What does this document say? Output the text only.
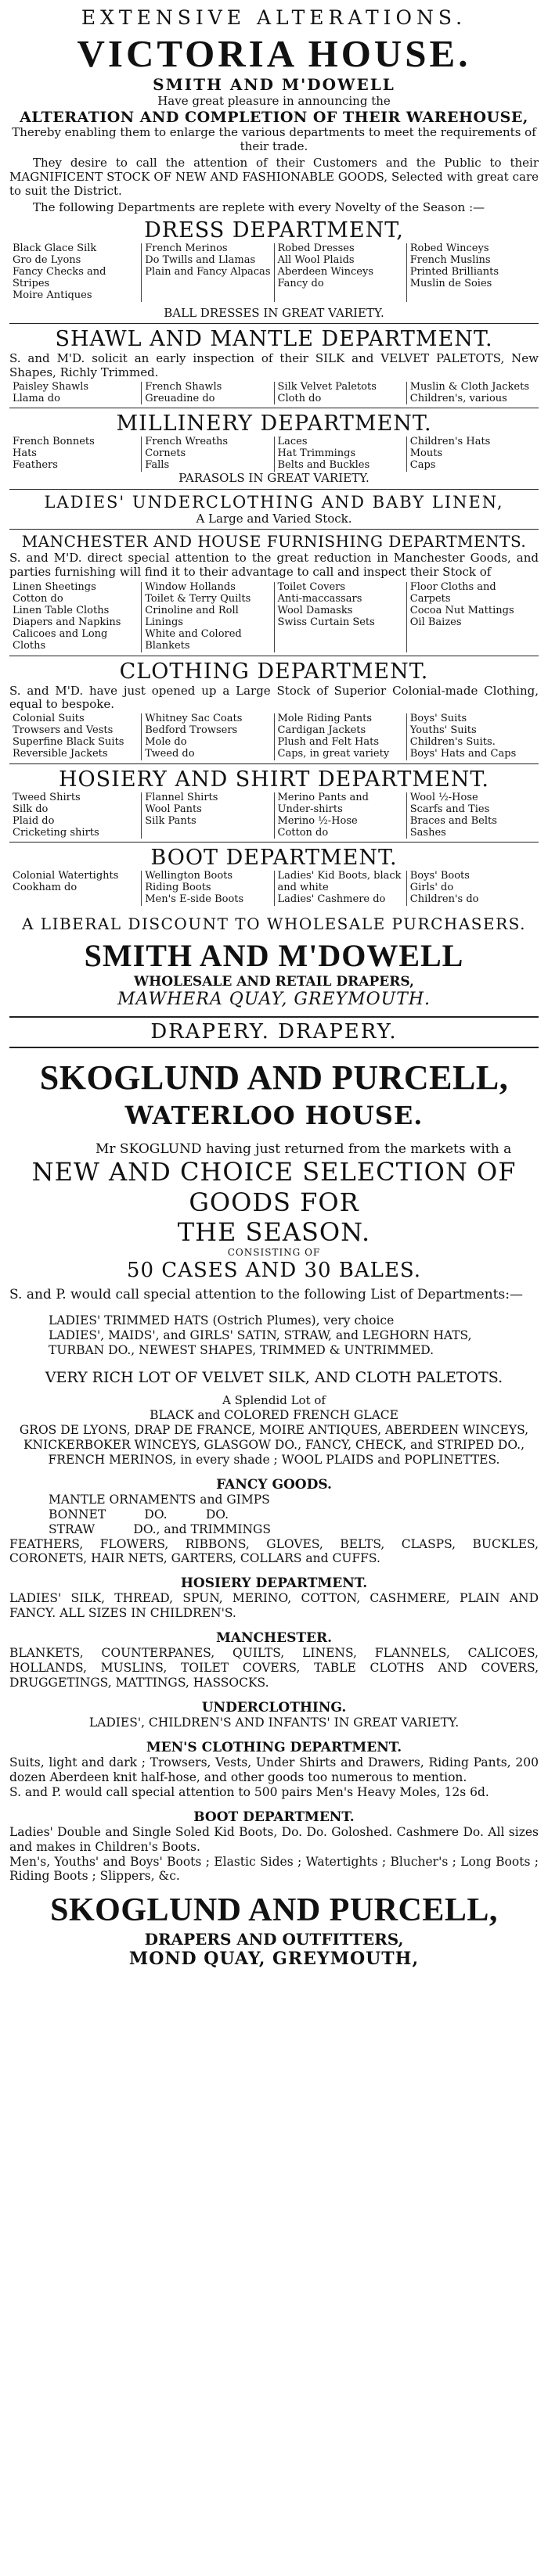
EXTENSIVE ALTERATIONS.
VICTORIA HOUSE.
SMITH AND M'DOWELL
Have great pleasure in announcing the
ALTERATION AND COMPLETION OF THEIR WAREHOUSE,
Thereby enabling them to enlarge the various departments to meet the requirements of their trade.
They desire to call the attention of their Customers and the Public to their MAGNIFICENT STOCK OF NEW AND FASHIONABLE GOODS, Selected with great care to suit the District.
The following Departments are replete with every Novelty of the Season :—
DRESS DEPARTMENT,
Black Glace Silk
Gro de Lyons
Fancy Checks and Stripes
Moire Antiques
French Merinos
Do Twills and Llamas
Plain and Fancy Alpacas
Robed Dresses
All Wool Plaids
Aberdeen Winceys
Fancy do
Robed Winceys
French Muslins
Printed Brilliants
Muslin de Soies
BALL DRESSES IN GREAT VARIETY.
SHAWL AND MANTLE DEPARTMENT.
S. and M'D. solicit an early inspection of their SILK and VELVET PALETOTS, New Shapes, Richly Trimmed.
Paisley Shawls
Llama do
French Shawls
Greuadine do
Silk Velvet Paletots
Cloth do
Muslin & Cloth Jackets
Children's, various
MILLINERY DEPARTMENT.
French Bonnets
Hats
Feathers
French Wreaths
Cornets
Falls
Laces
Hat Trimmings
Belts and Buckles
Children's Hats
Mouts
Caps
PARASOLS IN GREAT VARIETY.
LADIES' UNDERCLOTHING AND BABY LINEN,
A Large and Varied Stock.
MANCHESTER AND HOUSE FURNISHING DEPARTMENTS.
S. and M'D. direct special attention to the great reduction in Manchester Goods, and parties furnishing will find it to their advantage to call and inspect their Stock of
Linen Sheetings
Cotton do
Linen Table Cloths
Diapers and Napkins
Calicoes and Long Cloths
Window Hollands
Toilet & Terry Quilts
Crinoline and Roll Linings
White and Colored Blankets
Toilet Covers
Anti-maccassars
Wool Damasks
Swiss Curtain Sets
Floor Cloths and Carpets
Cocoa Nut Mattings
Oil Baizes
CLOTHING DEPARTMENT.
S. and M'D. have just opened up a Large Stock of Superior Colonial-made Clothing, equal to bespoke.
Colonial Suits
Trowsers and Vests
Superfine Black Suits
Reversible Jackets
Whitney Sac Coats
Bedford Trowsers
Mole do
Tweed do
Mole Riding Pants
Cardigan Jackets
Plush and Felt Hats
Caps, in great variety
Boys' Suits
Youths' Suits
Children's Suits.
Boys' Hats and Caps
HOSIERY AND SHIRT DEPARTMENT.
Tweed Shirts
Silk do
Plaid do
Cricketing shirts
Flannel Shirts
Wool Pants
Silk Pants
Merino Pants and Under-shirts
Merino ½-Hose
Cotton do
Wool ½-Hose
Scarfs and Ties
Braces and Belts
Sashes
BOOT DEPARTMENT.
Colonial Watertights
Cookham do
Wellington Boots
Riding Boots
Men's E-side Boots
Ladies' Kid Boots, black and white
Ladies' Cashmere do
Boys' Boots
Girls' do
Children's do
A LIBERAL DISCOUNT TO WHOLESALE PURCHASERS.
SMITH AND M'DOWELL
WHOLESALE AND RETAIL DRAPERS,
MAWHERA QUAY, GREYMOUTH.
DRAPERY. DRAPERY.
SKOGLUND AND PURCELL,
WATERLOO HOUSE.
Mr SKOGLUND having just returned from the markets with a
NEW AND CHOICE SELECTION OF GOODS FOR
THE SEASON.
CONSISTING OF
50 CASES AND 30 BALES.
S. and P. would call special attention to the following List of Departments:—
LADIES' TRIMMED HATS (Ostrich Plumes), very choice
LADIES', MAIDS', and GIRLS' SATIN, STRAW, and LEGHORN HATS,
TURBAN DO., NEWEST SHAPES, TRIMMED & UNTRIMMED.
VERY RICH LOT OF VELVET SILK, AND CLOTH PALETOTS.
A Splendid Lot of
BLACK and COLORED FRENCH GLACE
GROS DE LYONS, DRAP DE FRANCE, MOIRE ANTIQUES, ABERDEEN WINCEYS, KNICKERBOKER WINCEYS, GLASGOW DO., FANCY, CHECK, and STRIPED DO., FRENCH MERINOS, in every shade ; WOOL PLAIDS and POPLINETTES.
FANCY GOODS.
MANTLE ORNAMENTS and GIMPS
BONNET          DO.          DO.
STRAW          DO., and TRIMMINGS
FEATHERS, FLOWERS, RIBBONS, GLOVES, BELTS, CLASPS, BUCKLES, CORONETS, HAIR NETS, GARTERS, COLLARS and CUFFS.
HOSIERY DEPARTMENT.
LADIES' SILK, THREAD, SPUN, MERINO, COTTON, CASHMERE, PLAIN AND FANCY. ALL SIZES IN CHILDREN'S.
MANCHESTER.
BLANKETS, COUNTERPANES, QUILTS, LINENS, FLANNELS, CALICOES, HOLLANDS, MUSLINS, TOILET COVERS, TABLE CLOTHS AND COVERS, DRUGGETINGS, MATTINGS, HASSOCKS.
UNDERCLOTHING.
LADIES', CHILDREN'S AND INFANTS' IN GREAT VARIETY.
MEN'S CLOTHING DEPARTMENT.
Suits, light and dark ; Trowsers, Vests, Under Shirts and Drawers, Riding Pants, 200 dozen Aberdeen knit half-hose, and other goods too numerous to mention.
S. and P. would call special attention to 500 pairs Men's Heavy Moles, 12s 6d.
BOOT DEPARTMENT.
Ladies' Double and Single Soled Kid Boots, Do. Do. Goloshed. Cashmere Do. All sizes and makes in Children's Boots.
Men's, Youths' and Boys' Boots ; Elastic Sides ; Watertights ; Blucher's ; Long Boots ; Riding Boots ; Slippers, &c.
SKOGLUND AND PURCELL,
DRAPERS AND OUTFITTERS,
MOND QUAY, GREYMOUTH,
